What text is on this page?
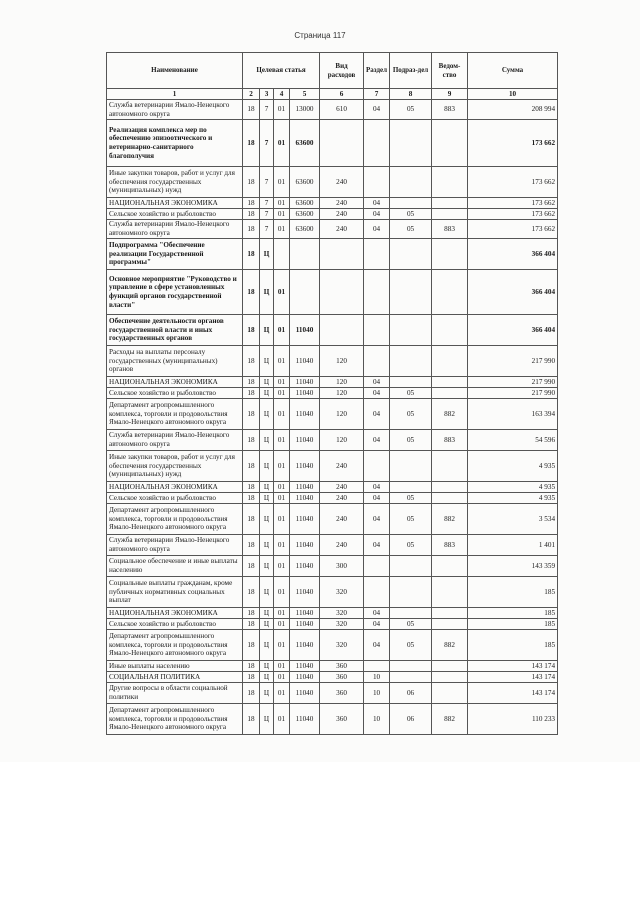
Страница 117
Наименование	Целевая статья				Вид расходов	Раздел	Подраз-дел	Ведом-ство	Сумма
1	2	3	4	5	6	7	8	9	10
Служба ветеринарии Ямало-Ненецкого автономного округа	18	7	01	13000	610	04	05	883	208 994
Реализация комплекса мер по обеспечению эпизоотического и ветеринарно-санитарного благополучия	18	7	01	63600					173 662
Иные закупки товаров, работ и услуг для обеспечения государственных (муниципальных) нужд	18	7	01	63600	240				173 662
НАЦИОНАЛЬНАЯ ЭКОНОМИКА	18	7	01	63600	240	04			173 662
Сельское хозяйство и рыболовство	18	7	01	63600	240	04	05		173 662
Служба ветеринарии Ямало-Ненецкого автономного округа	18	7	01	63600	240	04	05	883	173 662
Подпрограмма "Обеспечение реализации Государственной программы"	18	Ц							366 404
Основное мероприятие "Руководство и управление в сфере установленных функций органов государственной власти"	18	Ц	01						366 404
Обеспечение деятельности органов государственной власти и иных государственных органов	18	Ц	01	11040					366 404
Расходы на выплаты персоналу государственных (муниципальных) органов	18	Ц	01	11040	120				217 990
НАЦИОНАЛЬНАЯ ЭКОНОМИКА	18	Ц	01	11040	120	04			217 990
Сельское хозяйство и рыболовство	18	Ц	01	11040	120	04	05		217 990
Департамент агропромышленного комплекса, торговли и продовольствия Ямало-Ненецкого автономного округа	18	Ц	01	11040	120	04	05	882	163 394
Служба ветеринарии Ямало-Ненецкого автономного округа	18	Ц	01	11040	120	04	05	883	54 596
Иные закупки товаров, работ и услуг для обеспечения государственных (муниципальных) нужд	18	Ц	01	11040	240				4 935
НАЦИОНАЛЬНАЯ ЭКОНОМИКА	18	Ц	01	11040	240	04			4 935
Сельское хозяйство и рыболовство	18	Ц	01	11040	240	04	05		4 935
Департамент агропромышленного комплекса, торговли и продовольствия Ямало-Ненецкого автономного округа	18	Ц	01	11040	240	04	05	882	3 534
Служба ветеринарии Ямало-Ненецкого автономного округа	18	Ц	01	11040	240	04	05	883	1 401
Социальное обеспечение и иные выплаты населению	18	Ц	01	11040	300				143 359
Социальные выплаты гражданам, кроме публичных нормативных социальных выплат	18	Ц	01	11040	320				185
НАЦИОНАЛЬНАЯ ЭКОНОМИКА	18	Ц	01	11040	320	04			185
Сельское хозяйство и рыболовство	18	Ц	01	11040	320	04	05		185
Департамент агропромышленного комплекса, торговли и продовольствия Ямало-Ненецкого автономного округа	18	Ц	01	11040	320	04	05	882	185
Иные выплаты населению	18	Ц	01	11040	360				143 174
СОЦИАЛЬНАЯ ПОЛИТИКА	18	Ц	01	11040	360	10			143 174
Другие вопросы в области социальной политики	18	Ц	01	11040	360	10	06		143 174
Департамент агропромышленного комплекса, торговли и продовольствия Ямало-Ненецкого автономного округа	18	Ц	01	11040	360	10	06	882	110 233
